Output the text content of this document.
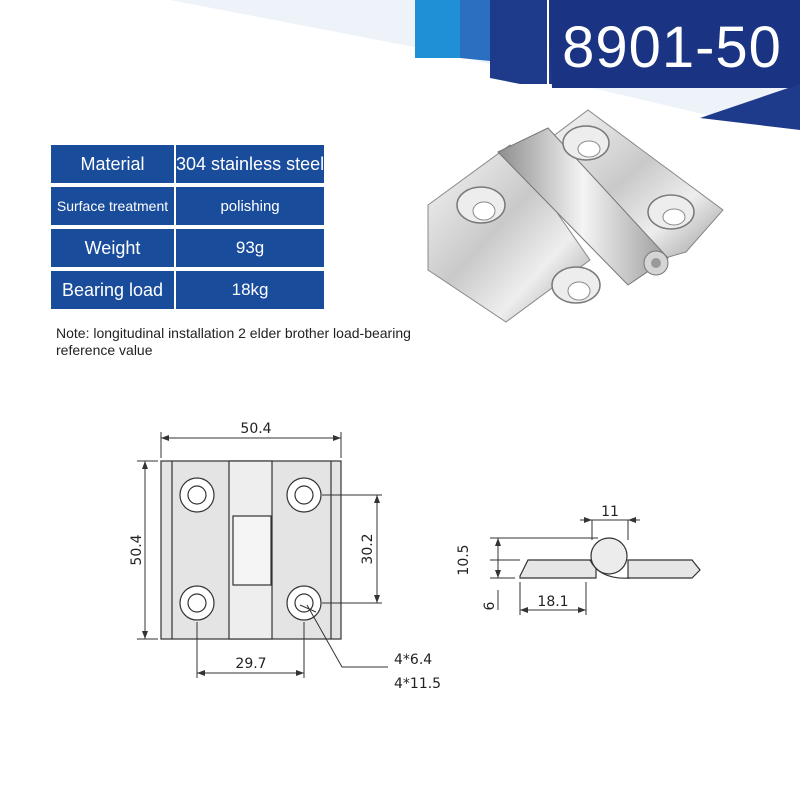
8901-50
Material	304 stainless steel
Surface treatment	polishing
Weight	93g
Bearing load	18kg
Note: longitudinal installation 2 elder brother load-bearing reference value
50.4
50.4	30.2
29.7	4*6.4
4*11.5
11
10.5
6	18.1
